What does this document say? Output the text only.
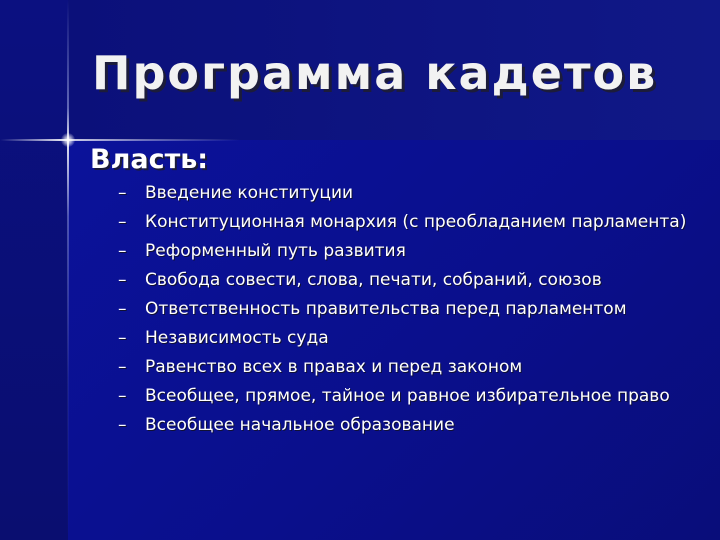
Программа кадетов
Власть:
–	Введение конституции
–	Конституционная монархия (с преобладанием парламента)
–	Реформенный путь развития
–	Свобода совести, слова, печати, собраний, союзов
–	Ответственность правительства перед парламентом
–	Независимость суда
–	Равенство всех в правах и перед законом
–	Всеобщее, прямое, тайное и равное избирательное право
–	Всеобщее начальное образование
